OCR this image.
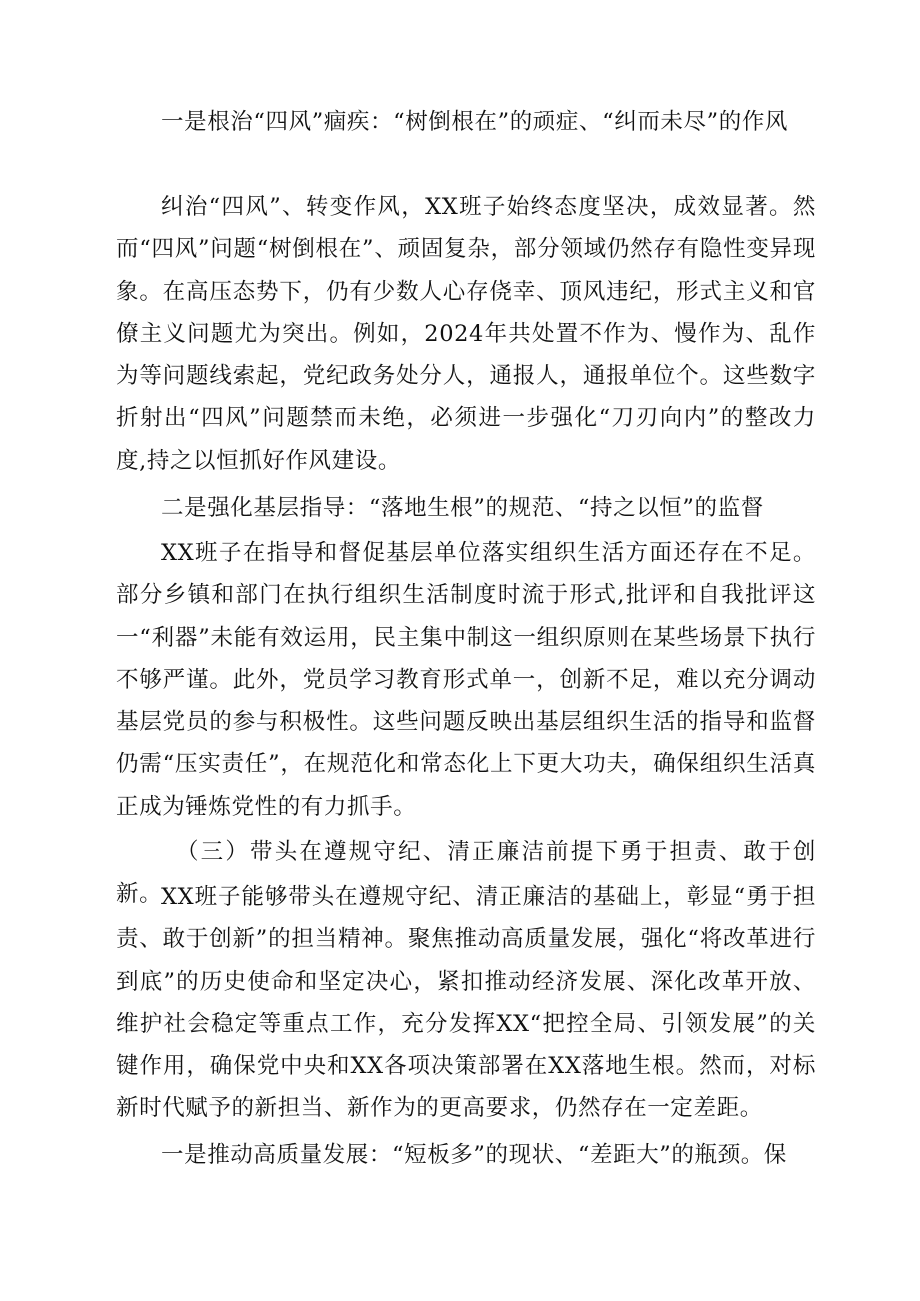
一是根治“四风”痼疾：“树倒根在”的顽症、“纠而未尽”的作风

纠治“四风”、转变作风，XX班子始终态度坚决，成效显著。然而“四风”问题“树倒根在”、顽固复杂，部分领域仍然存有隐性变异现象。在高压态势下，仍有少数人心存侥幸、顶风违纪，形式主义和官僚主义问题尤为突出。例如，2024年共处置不作为、慢作为、乱作为等问题线索起，党纪政务处分人，通报人，通报单位个。这些数字折射出“四风”问题禁而未绝，必须进一步强化“刀刃向内”的整改力度,持之以恒抓好作风建设。

二是强化基层指导：“落地生根”的规范、“持之以恒”的监督

XX班子在指导和督促基层单位落实组织生活方面还存在不足。部分乡镇和部门在执行组织生活制度时流于形式,批评和自我批评这一“利器”未能有效运用，民主集中制这一组织原则在某些场景下执行不够严谨。此外，党员学习教育形式单一，创新不足，难以充分调动基层党员的参与积极性。这些问题反映出基层组织生活的指导和监督仍需“压实责任”，在规范化和常态化上下更大功夫，确保组织生活真正成为锤炼党性的有力抓手。

（三）带头在遵规守纪、清正廉洁前提下勇于担责、敢于创新。

XX班子能够带头在遵规守纪、清正廉洁的基础上，彰显“勇于担责、敢于创新”的担当精神。聚焦推动高质量发展，强化“将改革进行到底”的历史使命和坚定决心，紧扣推动经济发展、深化改革开放、维护社会稳定等重点工作，充分发挥XX“把控全局、引领发展”的关键作用，确保党中央和XX各项决策部署在XX落地生根。然而，对标新时代赋予的新担当、新作为的更高要求，仍然存在一定差距。

一是推动高质量发展：“短板多”的现状、“差距大”的瓶颈。保
